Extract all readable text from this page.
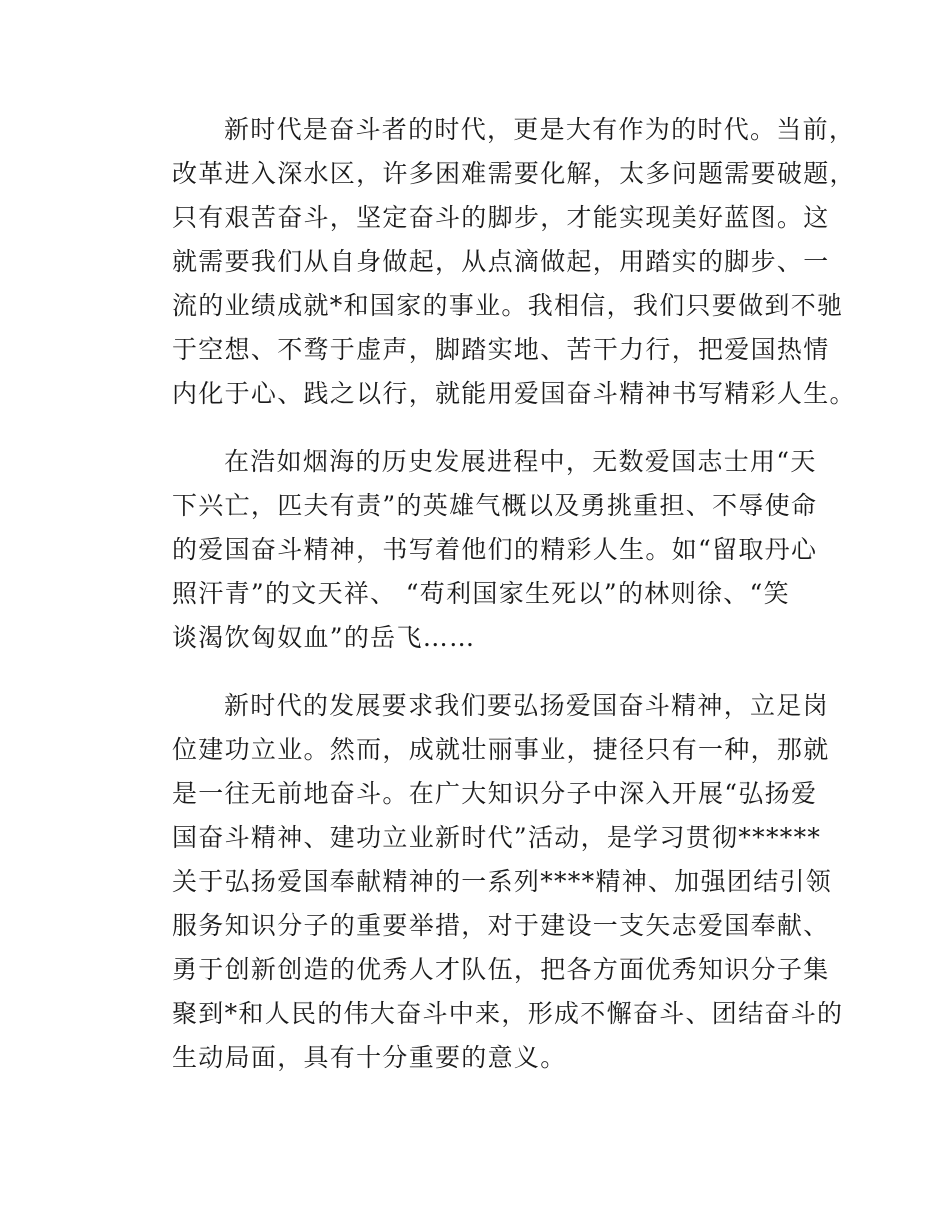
新时代是奋斗者的时代，更是大有作为的时代。当前，
改革进入深水区，许多困难需要化解，太多问题需要破题，
只有艰苦奋斗，坚定奋斗的脚步，才能实现美好蓝图。这
就需要我们从自身做起，从点滴做起，用踏实的脚步、一
流的业绩成就*和国家的事业。我相信，我们只要做到不驰
于空想、不骛于虚声，脚踏实地、苦干力行，把爱国热情
内化于心、践之以行，就能用爱国奋斗精神书写精彩人生。

在浩如烟海的历史发展进程中，无数爱国志士用“天
下兴亡，匹夫有责”的英雄气概以及勇挑重担、不辱使命
的爱国奋斗精神，书写着他们的精彩人生。如“留取丹心
照汗青”的文天祥、 “苟利国家生死以”的林则徐、“笑
谈渴饮匈奴血”的岳飞……

新时代的发展要求我们要弘扬爱国奋斗精神，立足岗
位建功立业。然而，成就壮丽事业，捷径只有一种，那就
是一往无前地奋斗。在广大知识分子中深入开展“弘扬爱
国奋斗精神、建功立业新时代”活动，是学习贯彻******
关于弘扬爱国奉献精神的一系列****精神、加强团结引领
服务知识分子的重要举措，对于建设一支矢志爱国奉献、
勇于创新创造的优秀人才队伍，把各方面优秀知识分子集
聚到*和人民的伟大奋斗中来，形成不懈奋斗、团结奋斗的
生动局面，具有十分重要的意义。
